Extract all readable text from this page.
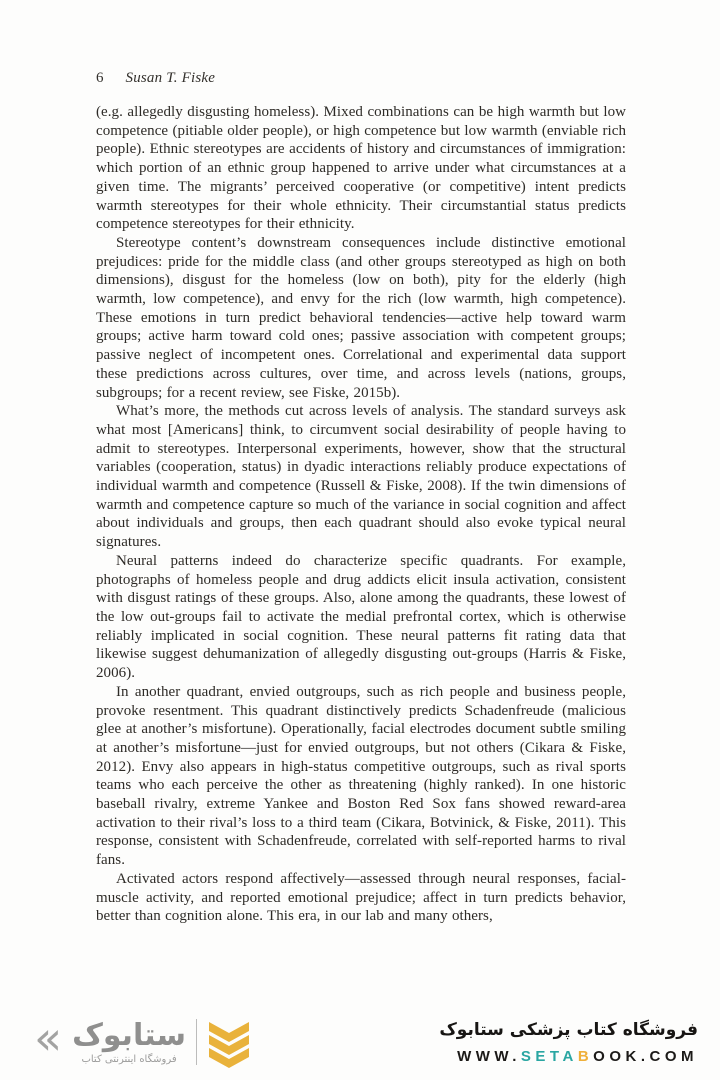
6 Susan T. Fiske

(e.g. allegedly disgusting homeless). Mixed combinations can be high warmth but low competence (pitiable older people), or high competence but low warmth (enviable rich people). Ethnic stereotypes are accidents of history and circumstances of immigration: which portion of an ethnic group happened to arrive under what circumstances at a given time. The migrants’ perceived cooperative (or competitive) intent predicts warmth stereotypes for their whole ethnicity. Their circumstantial status predicts competence stereotypes for their ethnicity.

Stereotype content’s downstream consequences include distinctive emotional prejudices: pride for the middle class (and other groups stereotyped as high on both dimensions), disgust for the homeless (low on both), pity for the elderly (high warmth, low competence), and envy for the rich (low warmth, high competence). These emotions in turn predict behavioral tendencies—active help toward warm groups; active harm toward cold ones; passive association with competent groups; passive neglect of incompetent ones. Correlational and experimental data support these predictions across cultures, over time, and across levels (nations, groups, subgroups; for a recent review, see Fiske, 2015b).

What’s more, the methods cut across levels of analysis. The standard surveys ask what most [Americans] think, to circumvent social desirability of people having to admit to stereotypes. Interpersonal experiments, however, show that the structural variables (cooperation, status) in dyadic interactions reliably produce expectations of individual warmth and competence (Russell & Fiske, 2008). If the twin dimensions of warmth and competence capture so much of the variance in social cognition and affect about individuals and groups, then each quadrant should also evoke typical neural signatures.

Neural patterns indeed do characterize specific quadrants. For example, photographs of homeless people and drug addicts elicit insula activation, consistent with disgust ratings of these groups. Also, alone among the quadrants, these lowest of the low out-groups fail to activate the medial prefrontal cortex, which is otherwise reliably implicated in social cognition. These neural patterns fit rating data that likewise suggest dehumanization of allegedly disgusting out-groups (Harris & Fiske, 2006).

In another quadrant, envied outgroups, such as rich people and business people, provoke resentment. This quadrant distinctively predicts Schadenfreude (malicious glee at another’s misfortune). Operationally, facial electrodes document subtle smiling at another’s misfortune—just for envied outgroups, but not others (Cikara & Fiske, 2012). Envy also appears in high-status competitive outgroups, such as rival sports teams who each perceive the other as threatening (highly ranked). In one historic baseball rivalry, extreme Yankee and Boston Red Sox fans showed reward-area activation to their rival’s loss to a third team (Cikara, Botvinick, & Fiske, 2011). This response, consistent with Schadenfreude, correlated with self-reported harms to rival fans.

Activated actors respond affectively—assessed through neural responses, facial-muscle activity, and reported emotional prejudice; affect in turn predicts behavior, better than cognition alone. This era, in our lab and many others,

« ستابوک
فروشگاه اینترنتی کتاب
فروشگاه کتاب پزشکی ستابوک
WWW.SETABOOK.COM
